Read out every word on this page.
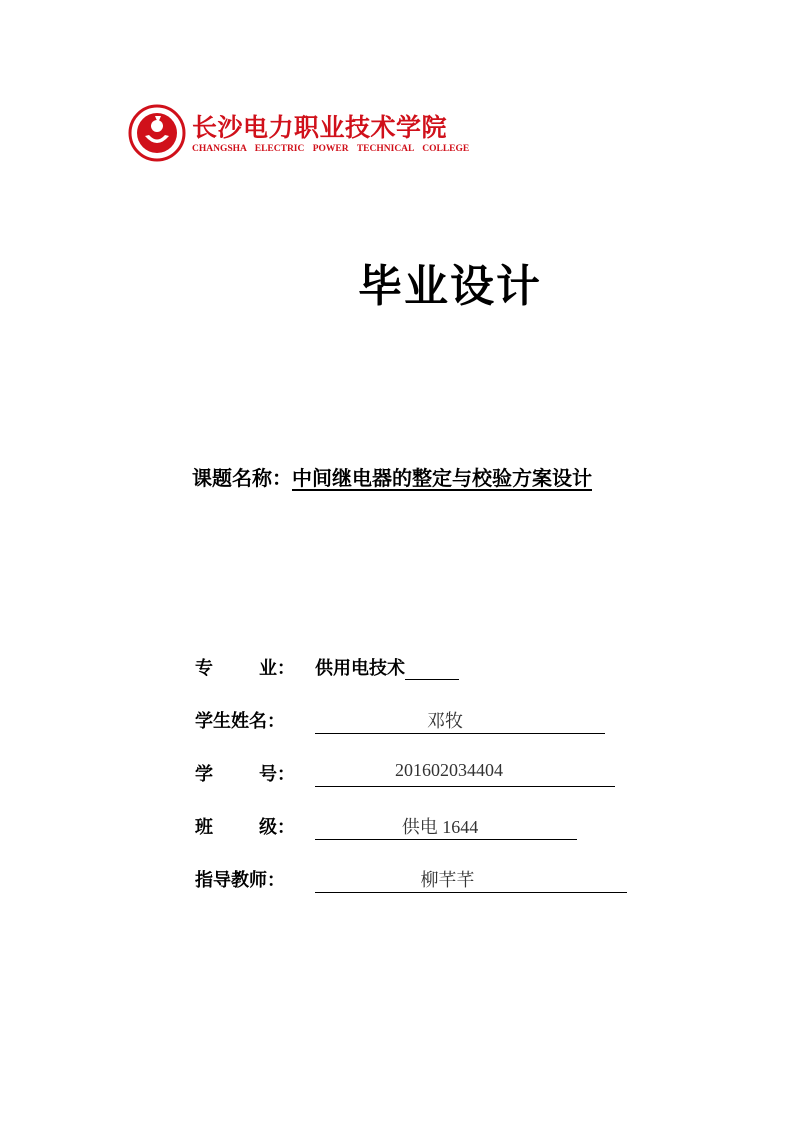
长沙电力职业技术学院
CHANGSHA ELECTRIC POWER TECHNICAL COLLEGE
毕业设计
课题名称：中间继电器的整定与校验方案设计
专	业： 供用电技术
学生姓名：	邓牧
学	号：	201602034404
班	级：	供电 1644
指导教师：	柳芊芊
